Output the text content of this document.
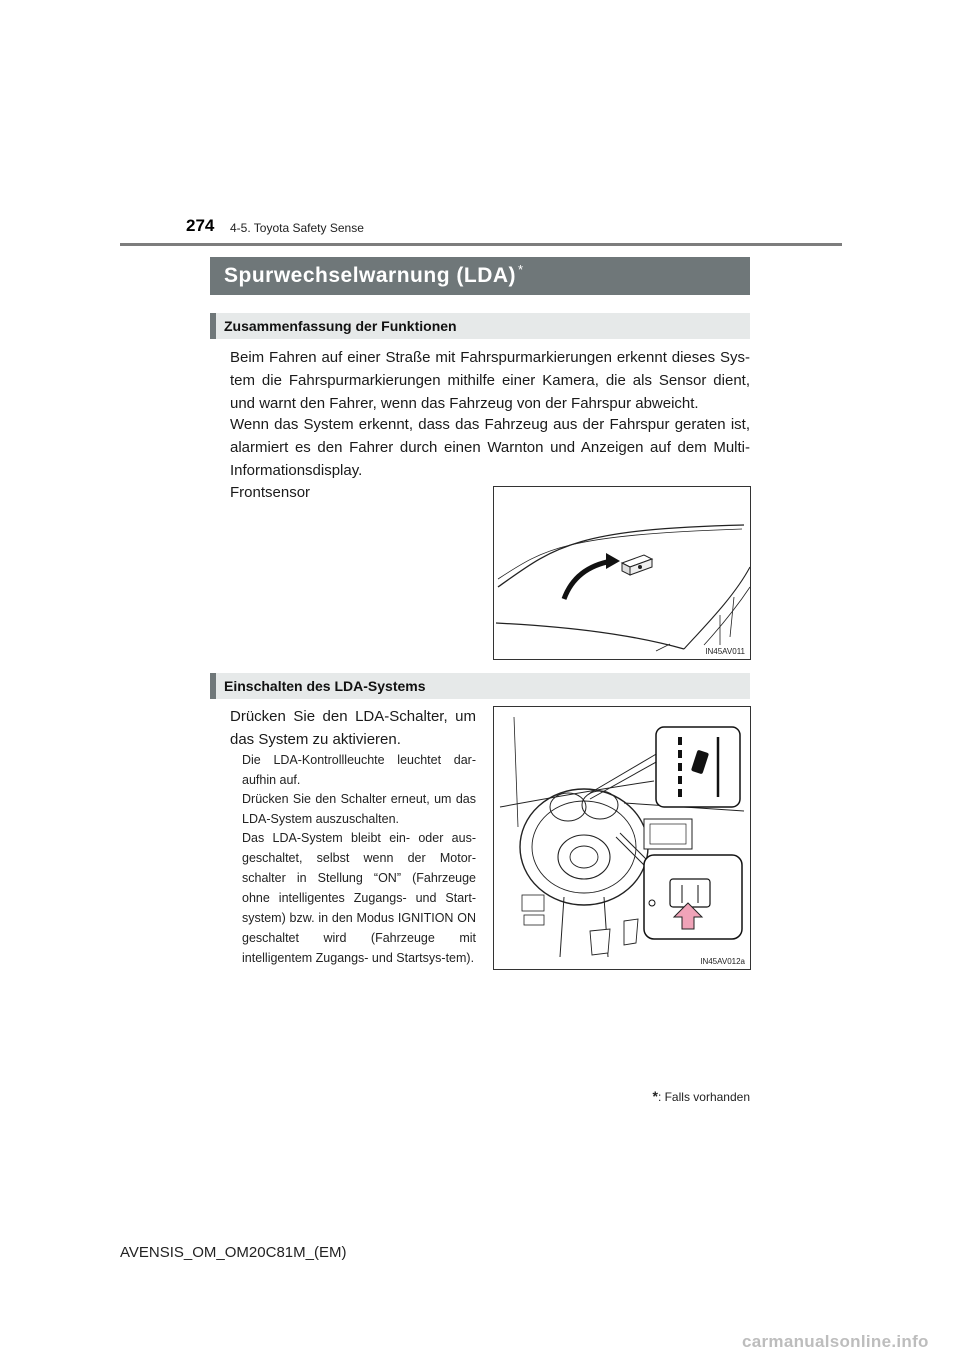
274 4-5. Toyota Safety Sense
Spurwechselwarnung (LDA) *
Zusammenfassung der Funktionen
Beim Fahren auf einer Straße mit Fahrspurmarkierungen erkennt dieses Sys-tem die Fahrspurmarkierungen mithilfe einer Kamera, die als Sensor dient, und warnt den Fahrer, wenn das Fahrzeug von der Fahrspur abweicht.
Wenn das System erkennt, dass das Fahrzeug aus der Fahrspur geraten ist, alarmiert es den Fahrer durch einen Warnton und Anzeigen auf dem Multi-Informationsdisplay.
Frontsensor
IN45AV011
Einschalten des LDA-Systems
Drücken Sie den LDA-Schalter, um das System zu aktivieren.
Die LDA-Kontrollleuchte leuchtet dar-aufhin auf.
Drücken Sie den Schalter erneut, um das LDA-System auszuschalten.
Das LDA-System bleibt ein- oder aus-geschaltet, selbst wenn der Motor-schalter in Stellung “ON” (Fahrzeuge ohne intelligentes Zugangs- und Start-system) bzw. in den Modus IGNITION ON geschaltet wird (Fahrzeuge mit intelligentem Zugangs- und Startsys-tem).	IN45AV012a
*: Falls vorhanden
AVENSIS_OM_OM20C81M_(EM)
carmanualsonline.info
